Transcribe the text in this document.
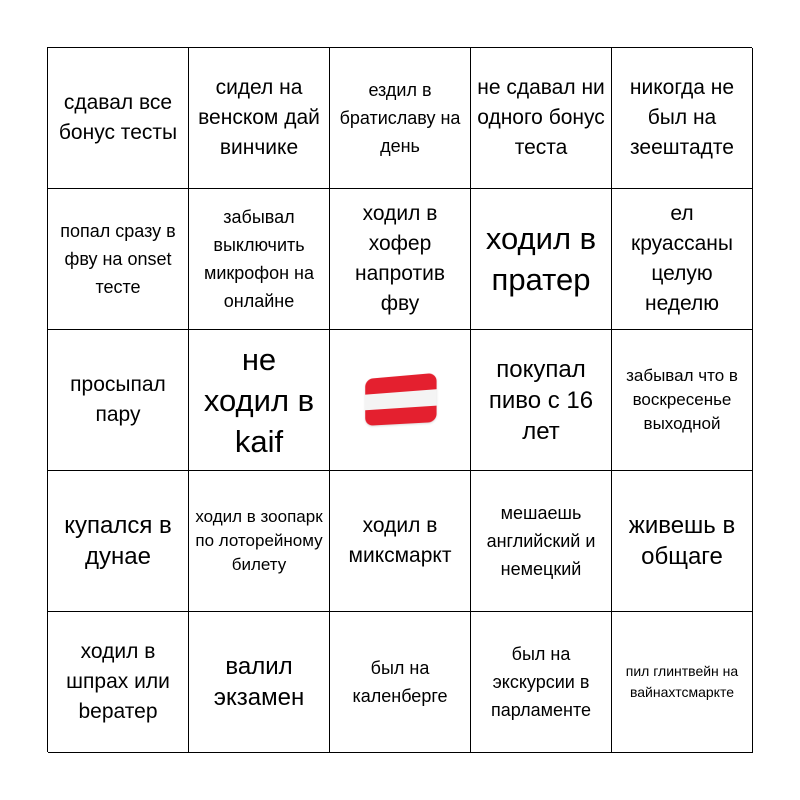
сдавал все бонус тесты
сидел на венском дай винчике
ездил в братиславу на день
не сдавал ни одного бонус теста
никогда не был на зеештадте
попал сразу в фву на onset тесте
забывал выключить микрофон на онлайне
ходил в хофер напротив фву
ходил в пратер
ел круассаны целую неделю
просыпал пару
не ходил в kaif
покупал пиво с 16 лет
забывал что в воскресенье выходной
купался в дунае
ходил в зоопарк по лоторейному билету
ходил в миксмаркт
мешаешь английский и немецкий
живешь в общаге
ходил в шпрах или beратер
валил экзамен
был на каленберге
был на экскурсии в парламенте
пил глинтвейн на вайнахтсмаркте
